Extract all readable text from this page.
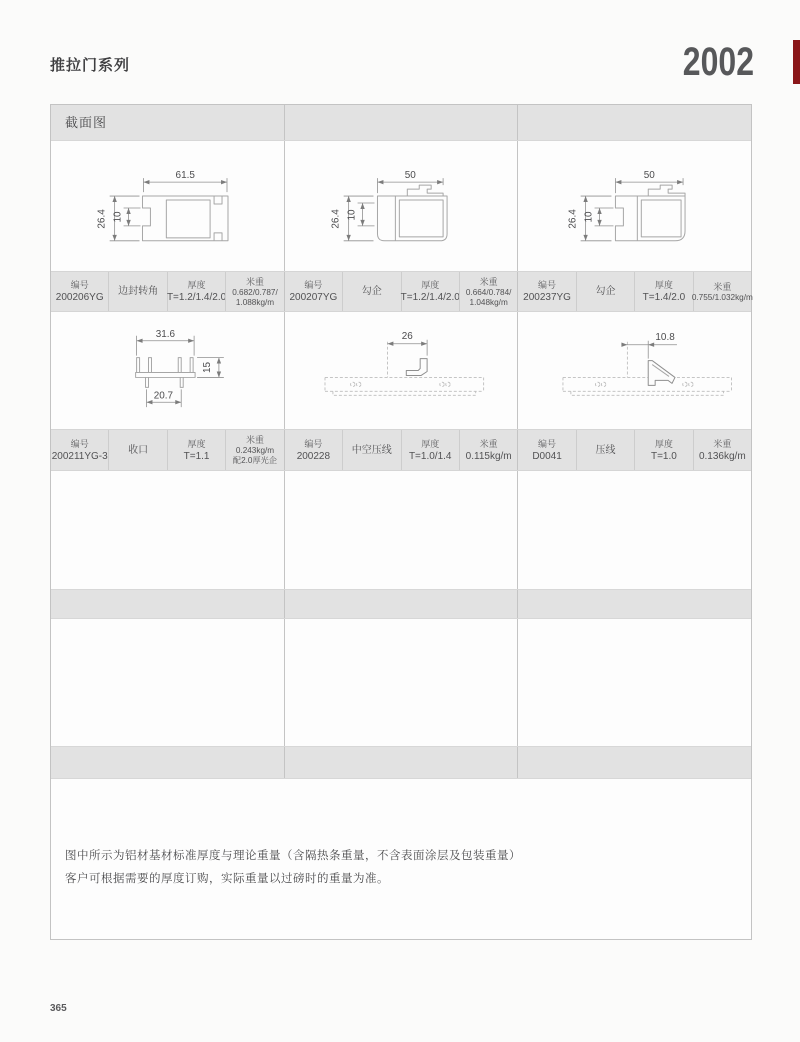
推拉门系列	2002
截面图
61.5
26.4 10
50
26.4 10
50
26.4 10
编号
200206YG
边封转角
厚度
T=1.2/1.4/2.0
米重
0.682/0.787/
1.088kg/m
编号
200207YG
勾企
厚度
T=1.2/1.4/2.0
米重
0.664/0.784/
1.048kg/m
编号
200237YG
勾企
厚度
T=1.4/2.0
米重
0.755/1.032kg/m
31.6
15
20.7
26	10.8
编号
200211YG-3
收口
厚度
T=1.1
米重
0.243kg/m
配2.0厚光企
编号
200228
中空压线
厚度
T=1.0/1.4
米重
0.115kg/m
编号
D0041
压线
厚度
T=1.0
米重
0.136kg/m
图中所示为铝材基材标准厚度与理论重量（含隔热条重量，不含表面涂层及包装重量）
客户可根据需要的厚度订购，实际重量以过磅时的重量为准。
365
